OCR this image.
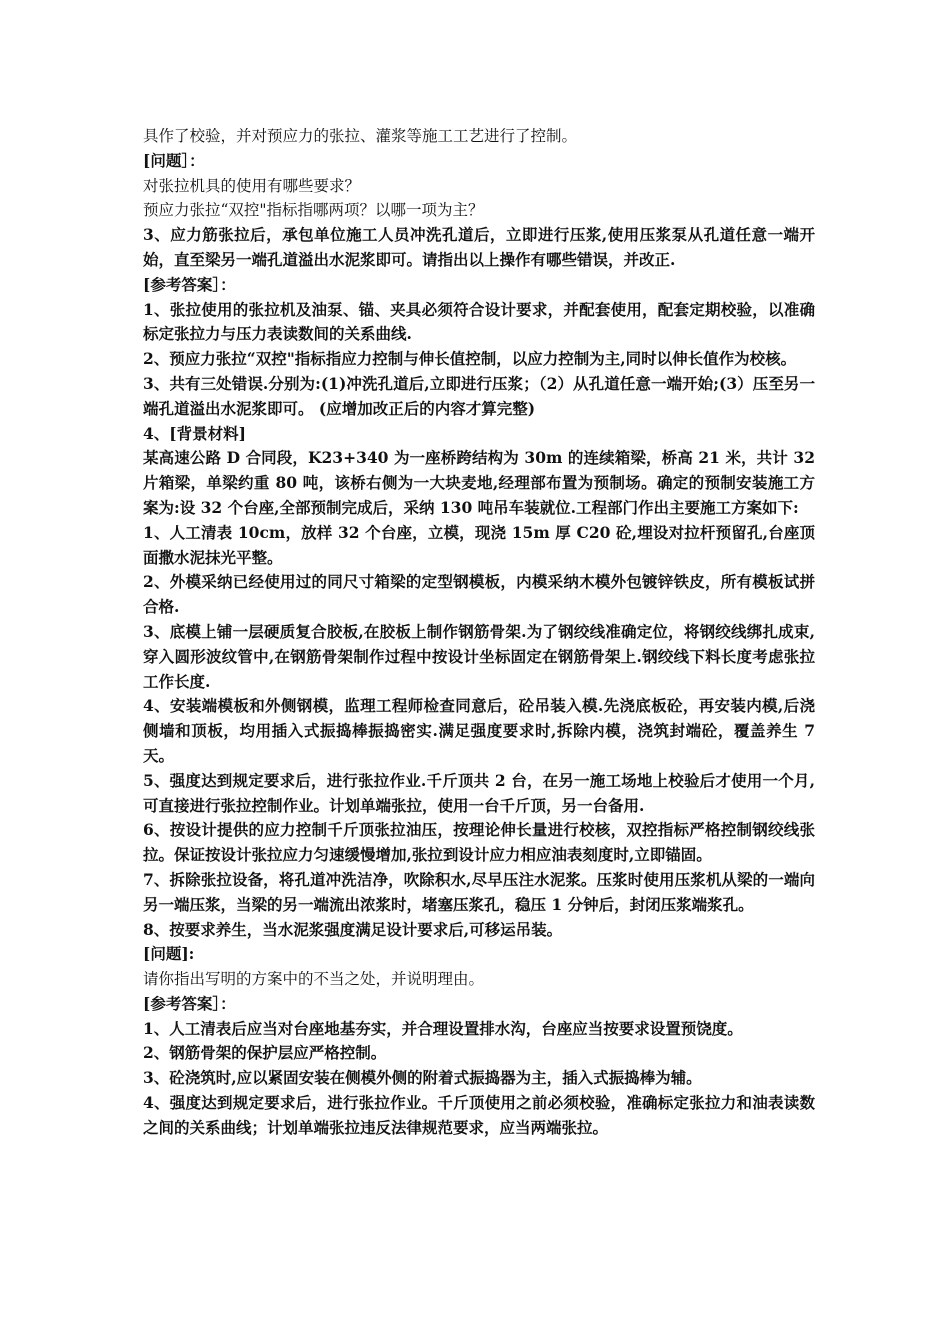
具作了校验，并对预应力的张拉、灌浆等施工工艺进行了控制。

[问题］：

对张拉机具的使用有哪些要求？

预应力张拉“双控"指标指哪两项？以哪一项为主？

3、应力筋张拉后，承包单位施工人员冲洗孔道后，立即进行压浆,使用压浆泵从孔道任意一端开始，直至梁另一端孔道溢出水泥浆即可。请指出以上操作有哪些错误，并改正.

[参考答案］：

1、张拉使用的张拉机及油泵、锚、夹具必须符合设计要求，并配套使用，配套定期校验，以准确标定张拉力与压力表读数间的关系曲线.

2、预应力张拉“双控"指标指应力控制与伸长值控制，以应力控制为主,同时以伸长值作为校核。

3、共有三处错误.分别为:(1)冲洗孔道后,立即进行压浆；（2）从孔道任意一端开始;(3）压至另一端孔道溢出水泥浆即可。 (应增加改正后的内容才算完整)

4、[背景材料]

某高速公路 D 合同段，K23+340 为一座桥跨结构为 30m 的连续箱梁，桥高 21 米，共计 32 片箱梁，单梁约重 80 吨，该桥右侧为一大块麦地,经理部布置为预制场。确定的预制安装施工方案为:设 32 个台座,全部预制完成后，采纳 130 吨吊车装就位.工程部门作出主要施工方案如下:

1、人工清表 10cm，放样 32 个台座，立模，现浇 15m 厚 C20 砼,埋设对拉杆预留孔,台座顶面撒水泥抹光平整。

2、外模采纳已经使用过的同尺寸箱梁的定型钢模板，内模采纳木模外包镀锌铁皮，所有模板试拼合格.

3、底模上铺一层硬质复合胶板,在胶板上制作钢筋骨架.为了钢绞线准确定位，将钢绞线绑扎成束,穿入圆形波纹管中,在钢筋骨架制作过程中按设计坐标固定在钢筋骨架上.钢绞线下料长度考虑张拉工作长度.

4、安装端模板和外侧钢模，监理工程师检查同意后，砼吊装入模.先浇底板砼，再安装内模,后浇侧墙和顶板，均用插入式振捣棒振捣密实.满足强度要求时,拆除内模，浇筑封端砼，覆盖养生 7 天。

5、强度达到规定要求后，进行张拉作业.千斤顶共 2 台，在另一施工场地上校验后才使用一个月,可直接进行张拉控制作业。计划单端张拉，使用一台千斤顶，另一台备用.

6、按设计提供的应力控制千斤顶张拉油压，按理论伸长量进行校核，双控指标严格控制钢绞线张拉。保证按设计张拉应力匀速缓慢增加,张拉到设计应力相应油表刻度时,立即锚固。

7、拆除张拉设备，将孔道冲洗洁净，吹除积水,尽早压注水泥浆。压浆时使用压浆机从梁的一端向另一端压浆，当梁的另一端流出浓浆时，堵塞压浆孔，稳压 1 分钟后，封闭压浆端浆孔。

8、按要求养生，当水泥浆强度满足设计要求后,可移运吊装。

[问题]:

请你指出写明的方案中的不当之处，并说明理由。

[参考答案］：

1、人工清表后应当对台座地基夯实，并合理设置排水沟，台座应当按要求设置预饶度。

2、钢筋骨架的保护层应严格控制。

3、砼浇筑时,应以紧固安装在侧模外侧的附着式振捣器为主，插入式振捣棒为辅。

4、强度达到规定要求后，进行张拉作业。千斤顶使用之前必须校验，准确标定张拉力和油表读数之间的关系曲线；计划单端张拉违反法律规范要求，应当两端张拉。
